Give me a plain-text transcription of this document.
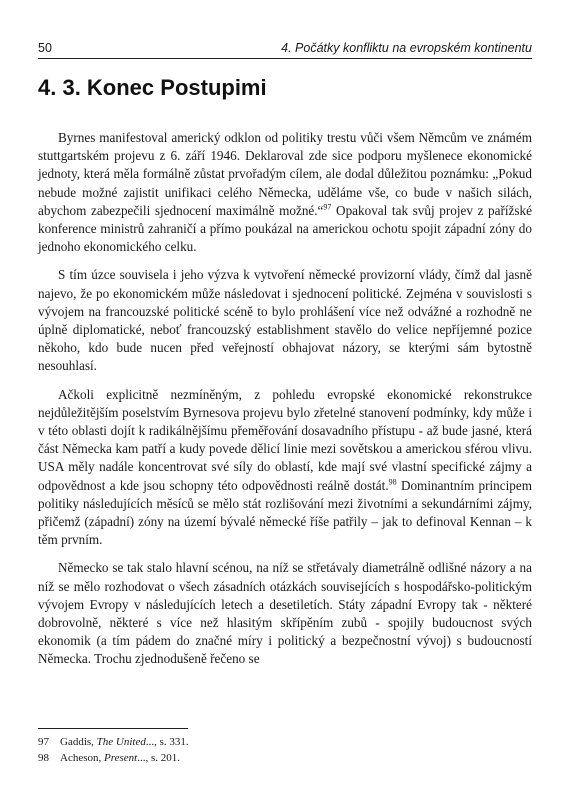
50	4. Počátky konfliktu na evropském kontinentu
4. 3. Konec Postupimi

Byrnes manifestoval americký odklon od politiky trestu vůči všem Němcům ve známém stuttgartském projevu z 6. září 1946. Deklaroval zde sice podporu myšlenece ekonomické jednoty, která měla formálně zůstat prvořadým cílem, ale dodal důležitou poznámku: „Pokud nebude možné zajistit unifikaci celého Německa, uděláme vše, co bude v našich silách, abychom zabezpečili sjednocení maximálně možné.“$^{97}$ Opakoval tak svůj projev z pařížské konference ministrů zahraničí a přímo poukázal na americkou ochotu spojit západní zóny do jednoho ekonomického celku.

S tím úzce souvisela i jeho výzva k vytvoření německé provizorní vlády, čímž dal jasně najevo, že po ekonomickém může následovat i sjednocení politické. Zejména v souvislosti s vývojem na francouzské politické scéně to bylo prohlášení více než odvážné a rozhodně ne úplně diplomatické, neboť francouzský establishment stavělo do velice nepříjemné pozice někoho, kdo bude nucen před veřejností obhajovat názory, se kterými sám bytostně nesouhlasí.

Ačkoli explicitně nezmíněným, z pohledu evropské ekonomické rekonstrukce nejdůležitějším poselstvím Byrnesova projevu bylo zřetelné stanovení podmínky, kdy může i v této oblasti dojít k radikálnějšímu přeměřování dosavadního přístupu - až bude jasné, která část Německa kam patří a kudy povede dělicí linie mezi sovětskou a americkou sférou vlivu. USA měly nadále koncentrovat své síly do oblastí, kde mají své vlastní specifické zájmy a odpovědnost a kde jsou schopny této odpovědnosti reálně dostát.$^{98}$ Dominantním principem politiky následujících měsíců se mělo stát rozlišování mezi životními a sekundárními zájmy, přičemž (západní) zóny na území bývalé německé říše patřily – jak to definoval Kennan – k těm prvním.

Německo se tak stalo hlavní scénou, na níž se střetávaly diametrálně odlišné názory a na níž se mělo rozhodovat o všech zásadních otázkách souvisejících s hospodářsko-politickým vývojem Evropy v následujících letech a desetiletích. Státy západní Evropy tak - některé dobrovolně, některé s více než hlasitým skřípěním zubů - spojily budoucnost svých ekonomik (a tím pádem do značné míry i politický a bezpečnostní vývoj) s budoucností Německa. Trochu zjednodušeně řečeno se

97 Gaddis, The United..., s. 331.
98 Acheson, Present..., s. 201.
